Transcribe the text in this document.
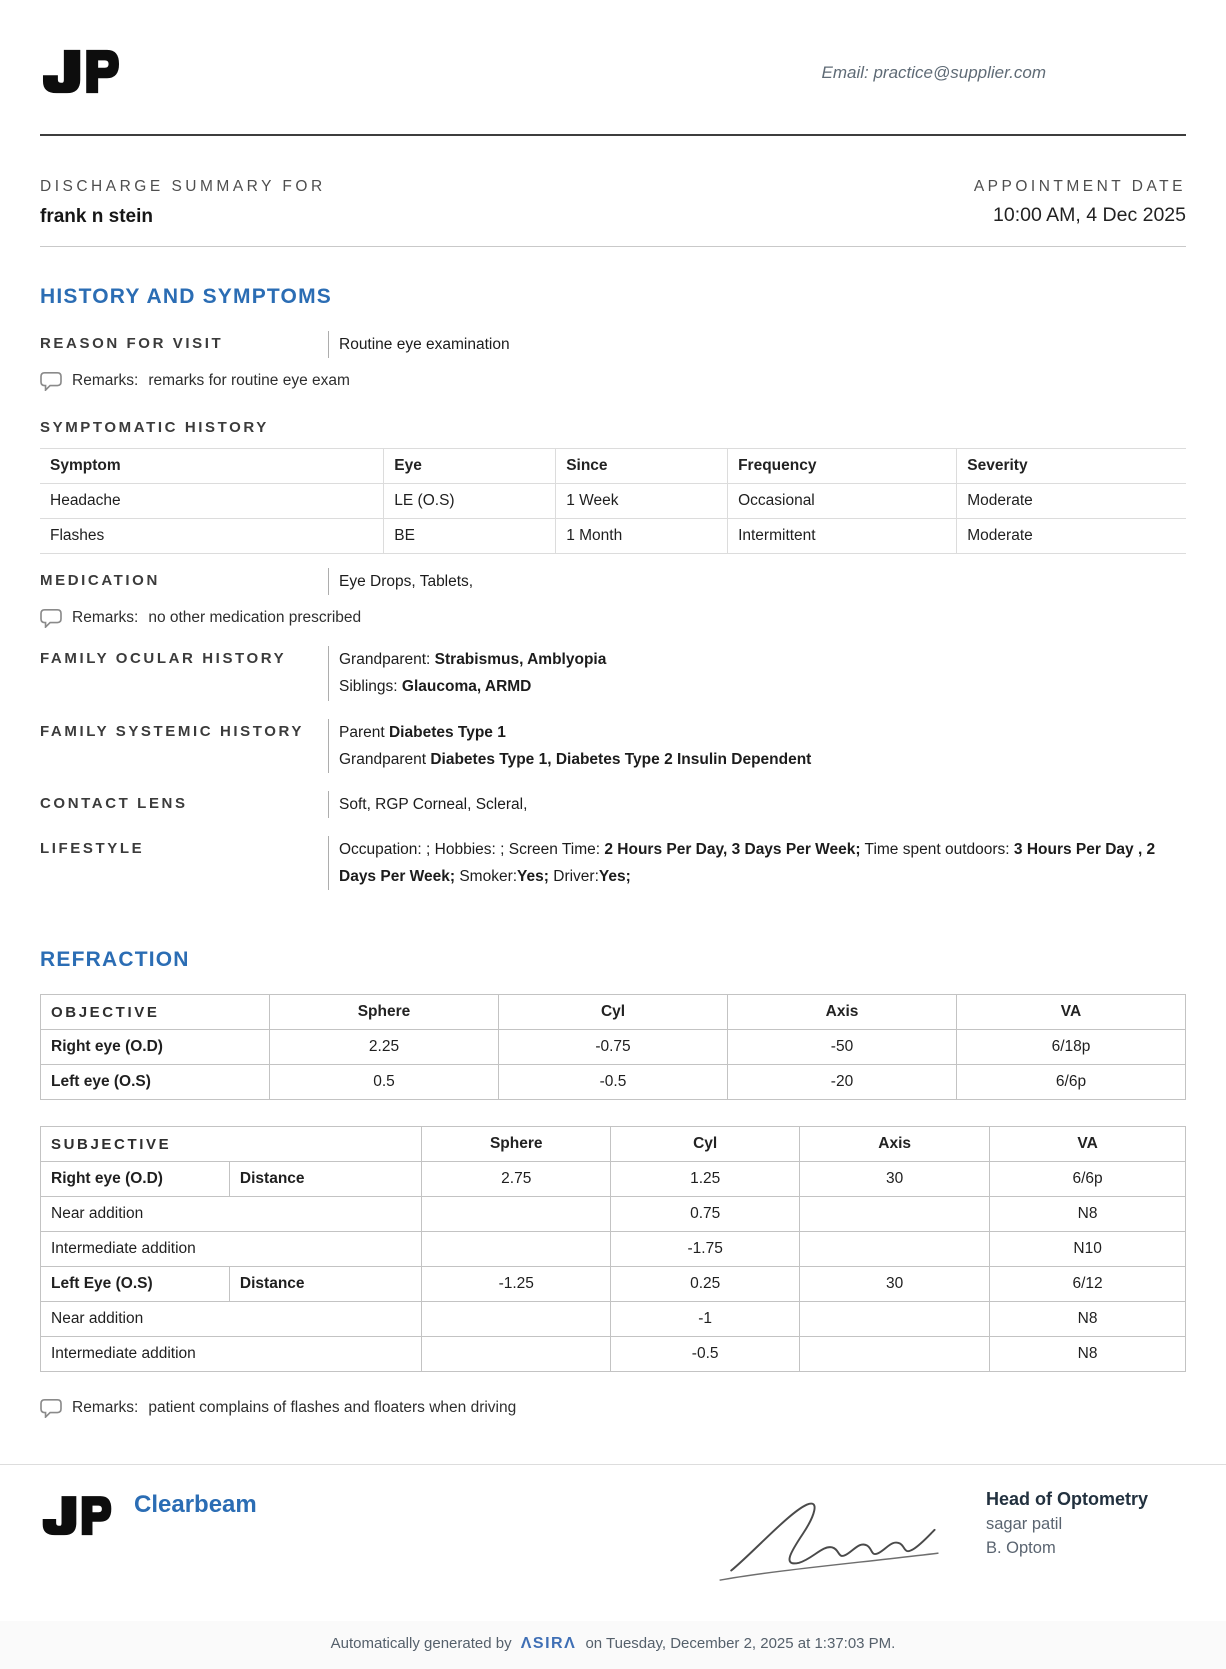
Email: practice@supplier.com
DISCHARGE SUMMARY FOR
frank n stein
APPOINTMENT DATE
10:00 AM, 4 Dec 2025
HISTORY AND SYMPTOMS
REASON FOR VISIT	Routine eye examination
Remarks: remarks for routine eye exam
SYMPTOMATIC HISTORY
Symptom	Eye	Since	Frequency	Severity
Headache	LE (O.S)	1 Week	Occasional	Moderate
Flashes	BE	1 Month	Intermittent	Moderate
MEDICATION	Eye Drops, Tablets,
Remarks: no other medication prescribed
FAMILY OCULAR HISTORY	Grandparent: Strabismus, Amblyopia
Siblings: Glaucoma, ARMD
FAMILY SYSTEMIC HISTORY	Parent Diabetes Type 1
Grandparent Diabetes Type 1, Diabetes Type 2 Insulin Dependent
CONTACT LENS	Soft, RGP Corneal, Scleral,
LIFESTYLE	Occupation: ; Hobbies: ; Screen Time: 2 Hours Per Day, 3 Days Per Week; Time spent outdoors: 3 Hours Per Day , 2 Days Per Week; Smoker:Yes; Driver:Yes;
REFRACTION
OBJECTIVE	Sphere	Cyl	Axis	VA
Right eye (O.D)	2.25	-0.75	-50	6/18p
Left eye (O.S)	0.5	-0.5	-20	6/6p
SUBJECTIVE		Sphere	Cyl	Axis	VA
Right eye (O.D)	Distance	2.75	1.25	30	6/6p
Near addition			0.75		N8
Intermediate addition			-1.75		N10
Left Eye (O.S)	Distance	-1.25	0.25	30	6/12
Near addition			-1		N8
Intermediate addition			-0.5		N8
Remarks: patient complains of flashes and floaters when driving
Clearbeam	Head of Optometry
sagar patil
B. Optom
Automatically generated by ΛSIRΛ on Tuesday, December 2, 2025 at 1:37:03 PM.
